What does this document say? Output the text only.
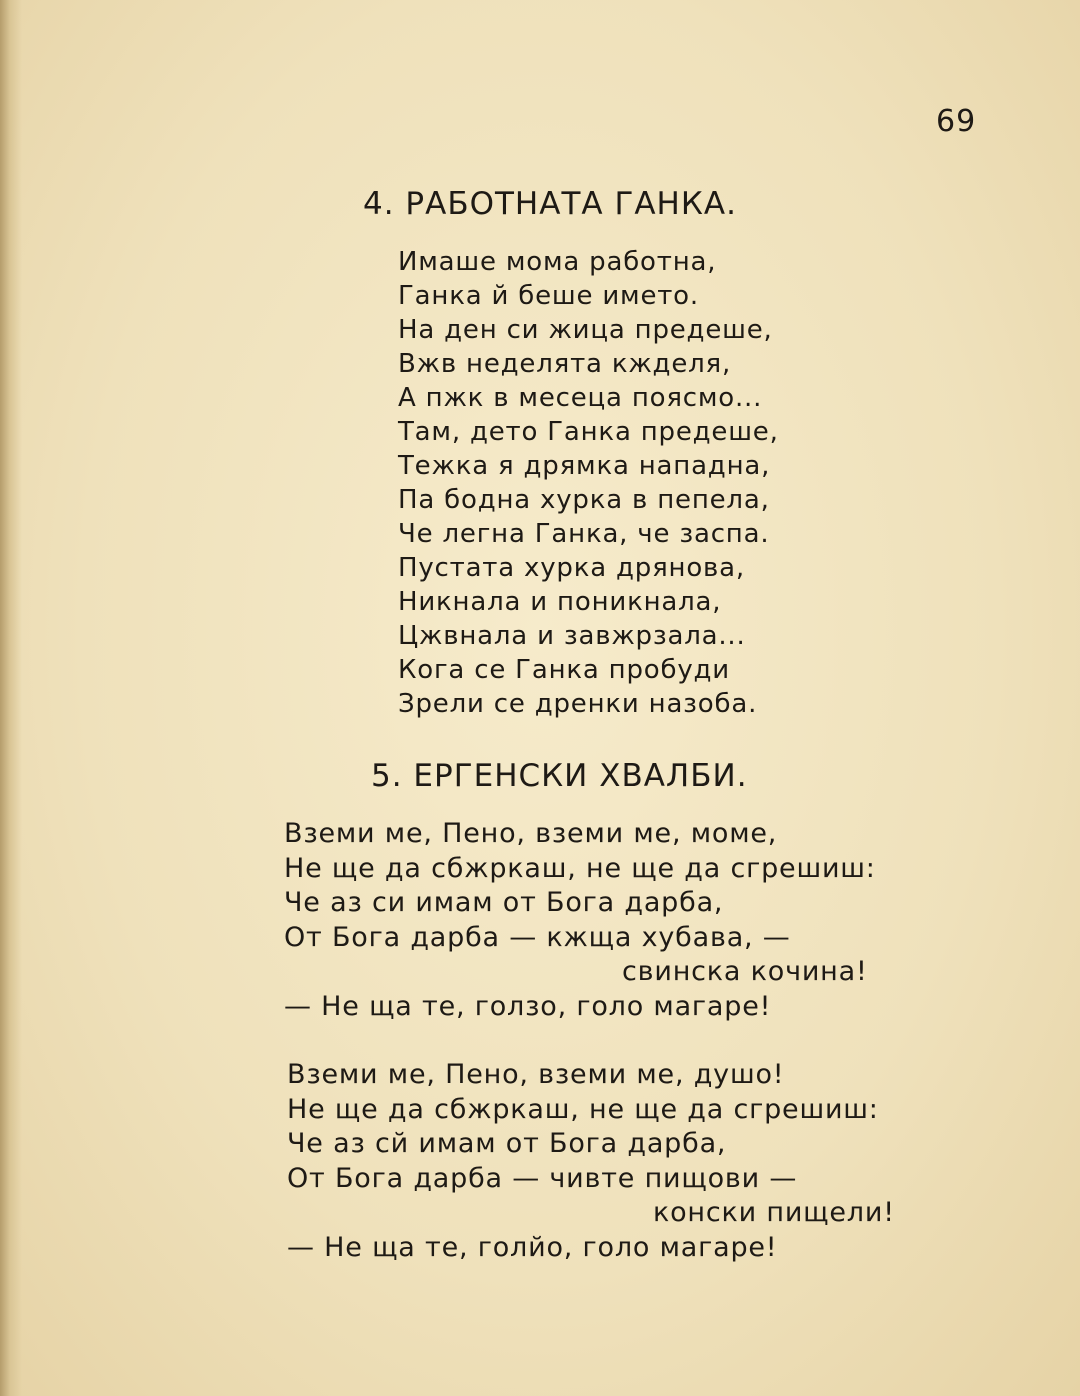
69
4. РАБОТНАТА ГАНКА.
Имаше мома работна,
Ганка й беше името.
На ден си жица предеше,
Вжв неделята кждeля,
А пжк в месеца поясмо...
Там, дето Ганка предеше,
Тежка я дрямка нападна,
Па бодна хурка в пепела,
Че легна Ганка, че заспа.
Пустата хурка дрянова,
Никнала и поникнала,
Цжвнала и завжрзала...
Кога се Ганка пробуди
Зрели се дренки назоба.
5. ЕРГЕНСКИ ХВАЛБИ.
Вземи ме, Пено, вземи ме, моме,
Не ще да сбжркаш, не ще да сгрешиш:
Че аз си имам от Бога дарба,
От Бога дарба — кжща хубава, —
свинска кочина!
— Не ща те, голзо, голо магаре!
Вземи ме, Пено, вземи ме, душо!
Не ще да сбжркаш, не ще да сгрешиш:
Че аз сй имам от Бога дарба,
От Бога дарба — чивте пищови —
конски пищели!
— Не ща те, голйо, голо магаре!
